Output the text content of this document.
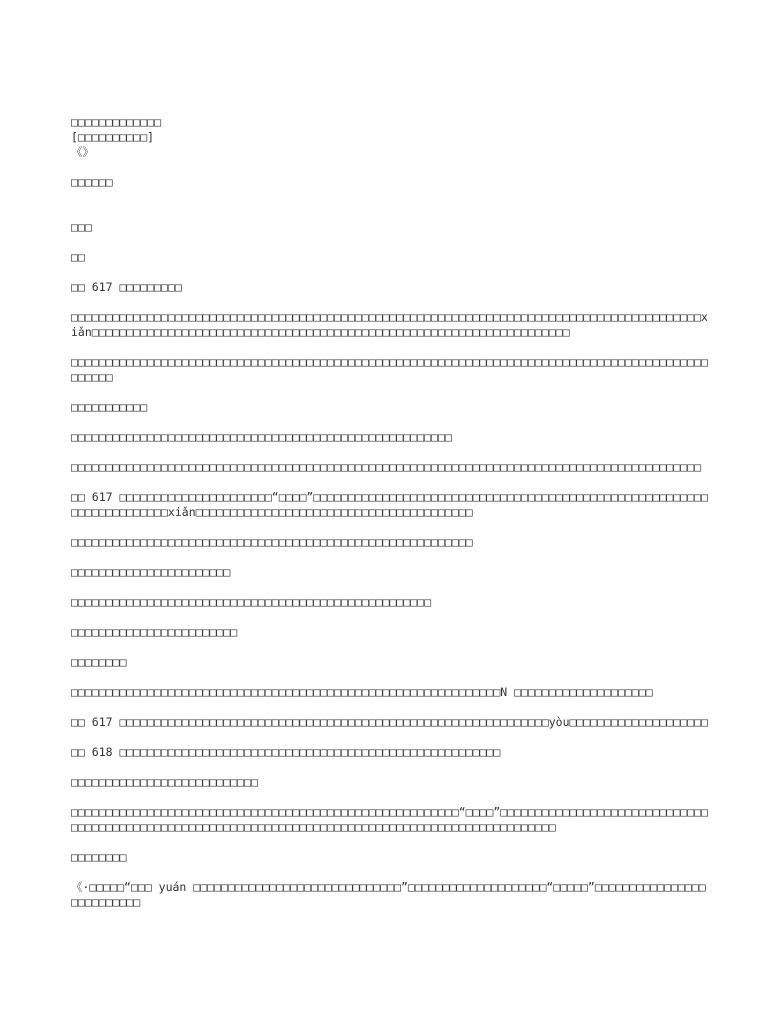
□□□□□□□□□□□□□

[□□□□□□□□□□]

《》

□□□□□□

□□□

□□

□□ 617 □□□□□□□□□

□□□□□□□□□□□□□□□□□□□□□□□□□□□□□□□□□□□□□□□□□□□□□□□□□□□□□□□□□□□□□□□□□□□□□□□□□□□□□□□□□□□□□□□□□□□xiǎn□□□□□□□□□□□□□□□□□□□□□□□□□□□□□□□□□□□□□□□□□□□□□□□□□□□□□□□□□□□□□□□□□□□□□

□□□□□□□□□□□□□□□□□□□□□□□□□□□□□□□□□□□□□□□□□□□□□□□□□□□□□□□□□□□□□□□□□□□□□□□□□□□□□□□□□□□□□□□□□□□□□□□□□□

□□□□□□□□□□□

□□□□□□□□□□□□□□□□□□□□□□□□□□□□□□□□□□□□□□□□□□□□□□□□□□□□□□□

□□□□□□□□□□□□□□□□□□□□□□□□□□□□□□□□□□□□□□□□□□□□□□□□□□□□□□□□□□□□□□□□□□□□□□□□□□□□□□□□□□□□□□□□□□□

□□ 617 □□□□□□□□□□□□□□□□□□□□□□“□□□□”□□□□□□□□□□□□□□□□□□□□□□□□□□□□□□□□□□□□□□□□□□□□□□□□□□□□□□□□□□□□□□□□□□□□□□□xiǎn□□□□□□□□□□□□□□□□□□□□□□□□□□□□□□□□□□□□□□□□

□□□□□□□□□□□□□□□□□□□□□□□□□□□□□□□□□□□□□□□□□□□□□□□□□□□□□□□□□□

□□□□□□□□□□□□□□□□□□□□□□□

□□□□□□□□□□□□□□□□□□□□□□□□□□□□□□□□□□□□□□□□□□□□□□□□□□□□

□□□□□□□□□□□□□□□□□□□□□□□□

□□□□□□□□

□□□□□□□□□□□□□□□□□□□□□□□□□□□□□□□□□□□□□□□□□□□□□□□□□□□□□□□□□□□□□□N □□□□□□□□□□□□□□□□□□□□

□□ 617 □□□□□□□□□□□□□□□□□□□□□□□□□□□□□□□□□□□□□□□□□□□□□□□□□□□□□□□□□□□□□□yòu□□□□□□□□□□□□□□□□□□□□

□□ 618 □□□□□□□□□□□□□□□□□□□□□□□□□□□□□□□□□□□□□□□□□□□□□□□□□□□□□□□

□□□□□□□□□□□□□□□□□□□□□□□□□□□

□□□□□□□□□□□□□□□□□□□□□□□□□□□□□□□□□□□□□□□□□□□□□□□□□□□□□□□□“□□□□”□□□□□□□□□□□□□□□□□□□□□□□□□□□□□□□□□□□□□□□□□□□□□□□□□□□□□□□□□□□□□□□□□□□□□□□□□□□□□□□□□□□□□□□□□□□□□□□□□□□□

□□□□□□□□

《·□□□□□“□□□ yuán □□□□□□□□□□□□□□□□□□□□□□□□□□□□□□”□□□□□□□□□□□□□□□□□□□□“□□□□□”□□□□□□□□□□□□□□□□□□□□□□□□□□
